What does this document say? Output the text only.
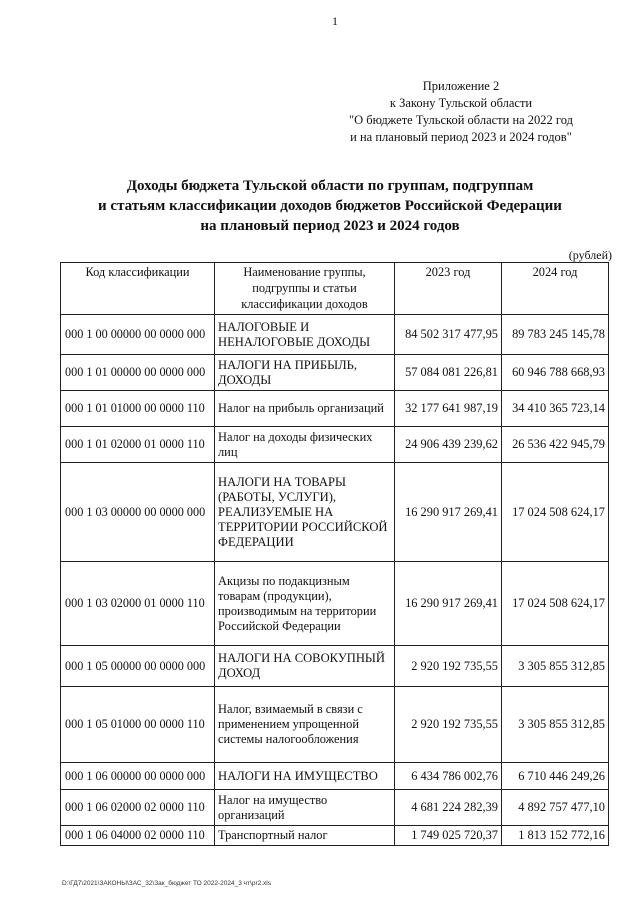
1
Приложение 2
к Закону Тульской области
"О бюджете Тульской области на 2022 год
и на плановый период 2023 и 2024 годов"
Доходы бюджета Тульской области по группам, подгруппам
и статьям классификации доходов бюджетов Российской Федерации
на плановый период 2023 и 2024 годов
(рублей)
Код классификации	Наименование группы, подгруппы и статьи классификации доходов	2023 год	2024 год
000 1 00 00000 00 0000 000	НАЛОГОВЫЕ И НЕНАЛОГОВЫЕ ДОХОДЫ	84 502 317 477,95	89 783 245 145,78
000 1 01 00000 00 0000 000	НАЛОГИ НА ПРИБЫЛЬ, ДОХОДЫ	57 084 081 226,81	60 946 788 668,93
000 1 01 01000 00 0000 110	Налог на прибыль организаций	32 177 641 987,19	34 410 365 723,14
000 1 01 02000 01 0000 110	Налог на доходы физических лиц	24 906 439 239,62	26 536 422 945,79
000 1 03 00000 00 0000 000	НАЛОГИ НА ТОВАРЫ (РАБОТЫ, УСЛУГИ), РЕАЛИЗУЕМЫЕ НА ТЕРРИТОРИИ РОССИЙСКОЙ ФЕДЕРАЦИИ	16 290 917 269,41	17 024 508 624,17
000 1 03 02000 01 0000 110	Акцизы по подакцизным товарам (продукции), производимым на территории Российской Федерации	16 290 917 269,41	17 024 508 624,17
000 1 05 00000 00 0000 000	НАЛОГИ НА СОВОКУПНЫЙ ДОХОД	2 920 192 735,55	3 305 855 312,85
000 1 05 01000 00 0000 110	Налог, взимаемый в связи с применением упрощенной системы налогообложения	2 920 192 735,55	3 305 855 312,85
000 1 06 00000 00 0000 000	НАЛОГИ НА ИМУЩЕСТВО	6 434 786 002,76	6 710 446 249,26
000 1 06 02000 02 0000 110	Налог на имущество организаций	4 681 224 282,39	4 892 757 477,10
000 1 06 04000 02 0000 110	Транспортный налог	1 749 025 720,37	1 813 152 772,16
D:\ГД7\2021\ЗАКОНЫ\ЗАС_32\Зак_бюджет ТО 2022-2024_3 чт\pr2.xls
